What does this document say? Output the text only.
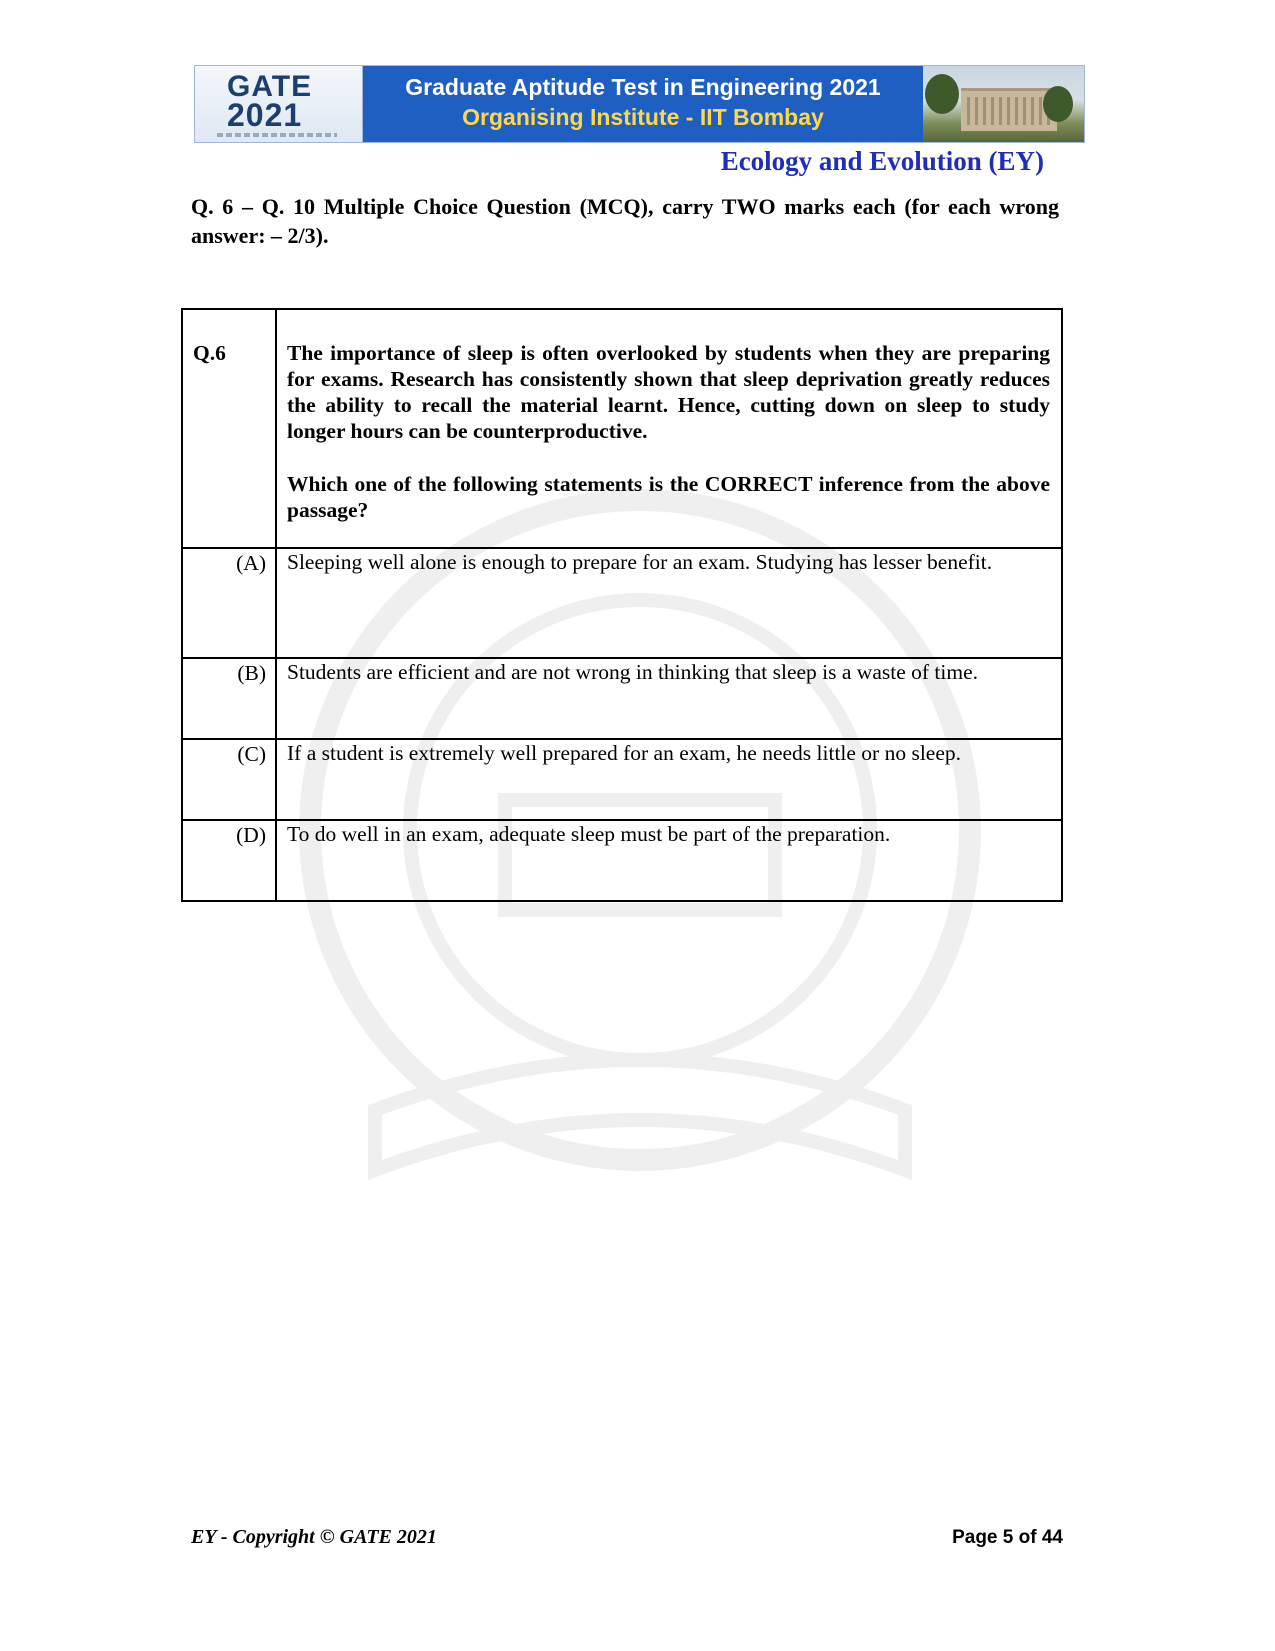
GATE
2021
Graduate Aptitude Test in Engineering 2021
Organising Institute - IIT Bombay
Ecology and Evolution (EY)
Q. 6 – Q. 10 Multiple Choice Question (MCQ), carry TWO marks each (for each wrong answer: – 2/3).
Q.6	The importance of sleep is often overlooked by students when they are preparing for exams. Research has consistently shown that sleep deprivation greatly reduces the ability to recall the material learnt. Hence, cutting down on sleep to study longer hours can be counterproductive.

Which one of the following statements is the CORRECT inference from the above passage?

(A)	Sleeping well alone is enough to prepare for an exam. Studying has lesser benefit.
(B)	Students are efficient and are not wrong in thinking that sleep is a waste of time.
(C)	If a student is extremely well prepared for an exam, he needs little or no sleep.
(D)	To do well in an exam, adequate sleep must be part of the preparation.
EY - Copyright © GATE 2021	Page 5 of 44
